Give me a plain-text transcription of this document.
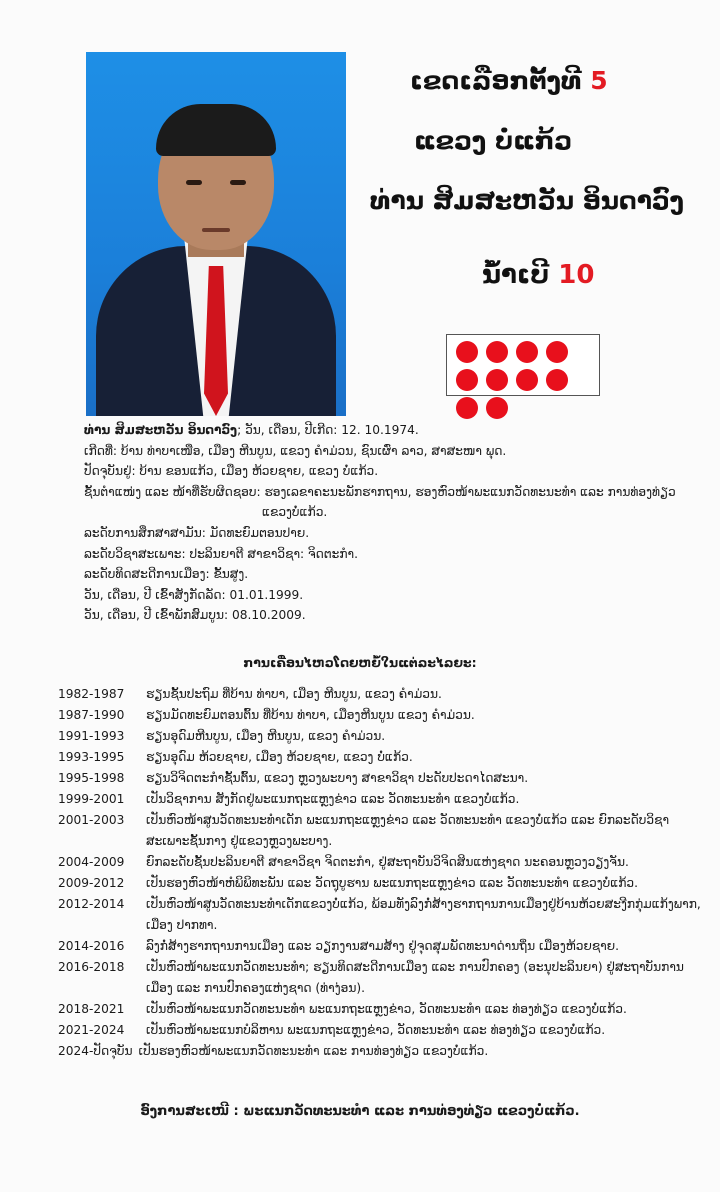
ເຂດເລືອກຕັ້ງທີ 5
ແຂວງ ບໍ່ແກ້ວ
ທ່ານ ສິມສະຫວັນ ອິນດາວົງ
ນໍ້າເບີ 10

ທ່ານ ສິມສະຫວັນ ອິນດາວົງ; ວັນ, ເດືອນ, ປີເກີດ: 12. 10.1974.

ເກີດທີ່: ບ້ານ ທ່າບາເໜືອ, ເມືອງ ຫີນບູນ, ແຂວງ ຄໍາມ່ວນ, ຊົນເຜົ່າ ລາວ, ສາສະໜາ ພຸດ.

ປັດຈຸບັນຢູ່: ບ້ານ ຂອນແກ້ວ, ເມືອງ ຫ້ວຍຊາຍ, ແຂວງ ບໍ່ແກ້ວ.

ຊັ້ນຕໍາແໜ່ງ ແລະ ໜ້າທີ່ຮັບຜິດຊອບ: ຮອງເລຂາຄະນະພັກຮາກຖານ, ຮອງຫົວໜ້າພະແນກວັດທະນະທໍາ ແລະ ການທ່ອງທ່ຽວ

ແຂວງບໍ່ແກ້ວ.

ລະດັບການສຶກສາສາມັນ: ມັດທະຍົມຕອນປາຍ.

ລະດັບວິຊາສະເພາະ: ປະລິນຍາຕີ ສາຂາວິຊາ: ຈິດຕະກໍາ.

ລະດັບທິດສະດີການເມືອງ: ຂັ້ນສູງ.

ວັນ, ເດືອນ, ປີ ເຂົ້າສັງກັດລັດ: 01.01.1999.

ວັນ, ເດືອນ, ປີ ເຂົ້າພັກສົມບູນ: 08.10.2009.

ການເຄື່ອນໄຫວໂດຍຫຍໍ້ໃນແຕ່ລະໄລຍະ:
1982-1987	ຮຽນຊັ້ນປະຖົມ ທີ່ບ້ານ ທ່າບາ, ເມືອງ ຫີນບູນ, ແຂວງ ຄໍາມ່ວນ.
1987-1990	ຮຽນມັດທະຍົມຕອນຕົ້ນ ທີ່ບ້ານ ທ່າບາ, ເມືອງຫີນບູນ ແຂວງ ຄໍາມ່ວນ.
1991-1993	ຮຽນອຸດົມຫີນບູນ, ເມືອງ ຫີນບູນ, ແຂວງ ຄໍາມ່ວນ.
1993-1995	ຮຽນອຸດົມ ຫ້ວຍຊາຍ, ເມືອງ ຫ້ວຍຊາຍ, ແຂວງ ບໍ່ແກ້ວ.
1995-1998	ຮຽນວິຈິດຕະກໍາຊັ້ນຕົ້ນ, ແຂວງ ຫຼວງພະບາງ ສາຂາວິຊາ ປະດັບປະດາໄດສະນາ.
1999-2001	ເປັນວິຊາການ ສັງກັດຢູ່ພະແນກຖະແຫຼງຂ່າວ ແລະ ວັດທະນະທໍາ ແຂວງບໍ່ແກ້ວ.
2001-2003	ເປັນຫົວໜ້າສູນວັດທະນະທໍາເດັກ ພະແນກຖະແຫຼງຂ່າວ ແລະ ວັດທະນະທໍາ ແຂວງບໍ່ແກ້ວ ແລະ ຍົກລະດັບວິຊາສະເພາະຊັ້ນກາງ ຢູ່ແຂວງຫຼວງພະບາງ.
2004-2009	ຍົກລະດັບຊັ້ນປະລິນຍາຕີ ສາຂາວິຊາ ຈິດຕະກໍາ, ຢູ່ສະຖາບັນວິຈິດສິນແຫ່ງຊາດ ນະຄອນຫຼວງວຽງຈັນ.
2009-2012	ເປັນຮອງຫົວໜ້າຫໍພິພິທະພັນ ແລະ ວັດຖຸບູຮານ ພະແນກຖະແຫຼງຂ່າວ ແລະ ວັດທະນະທໍາ ແຂວງບໍ່ແກ້ວ.
2012-2014	ເປັນຫົວໜ້າສູນວັດທະນະທໍາເດັກແຂວງບໍ່ແກ້ວ, ພ້ອມທັງລົງກໍ່ສ້າງຮາກຖານການເມືອງຢູ່ບ້ານຫ້ວຍສະງີກກຸ່ມແກ້ງພາກ, ເມືອງ ປາກທາ.
2014-2016	ລົງກໍ່ສ້າງຮາກຖານການເມືອງ ແລະ ວຽກງານສາມສ້າງ ຢູ່ຈຸດສຸມພັດທະນາດ່ານຖິ່ນ ເມືອງຫ້ວຍຊາຍ.
2016-2018	ເປັນຫົວໜ້າພະແນກວັດທະນະທໍາ; ຮຽນທິດສະດີການເມືອງ ແລະ ການປົກຄອງ (ອະນຸປະລິນຍາ) ຢູ່ສະຖາບັນການເມືອງ ແລະ ການປົກຄອງແຫ່ງຊາດ (ທ່າງ່ອນ).
2018-2021	ເປັນຫົວໜ້າພະແນກວັດທະນະທໍາ ພະແນກຖະແຫຼງຂ່າວ, ວັດທະນະທໍາ ແລະ ທ່ອງທ່ຽວ ແຂວງບໍ່ແກ້ວ.
2021-2024	ເປັນຫົວໜ້າພະແນກບໍລິຫານ ພະແນກຖະແຫຼງຂ່າວ, ວັດທະນະທໍາ ແລະ ທ່ອງທ່ຽວ ແຂວງບໍ່ແກ້ວ.
2024-ປັດຈຸບັນ ເປັນຮອງຫົວໜ້າພະແນກວັດທະນະທໍາ ແລະ ການທ່ອງທ່ຽວ ແຂວງບໍ່ແກ້ວ.
ອົງການສະເໜີ : ພະແນກວັດທະນະທໍາ ແລະ ການທ່ອງທ່ຽວ ແຂວງບໍ່ແກ້ວ.
